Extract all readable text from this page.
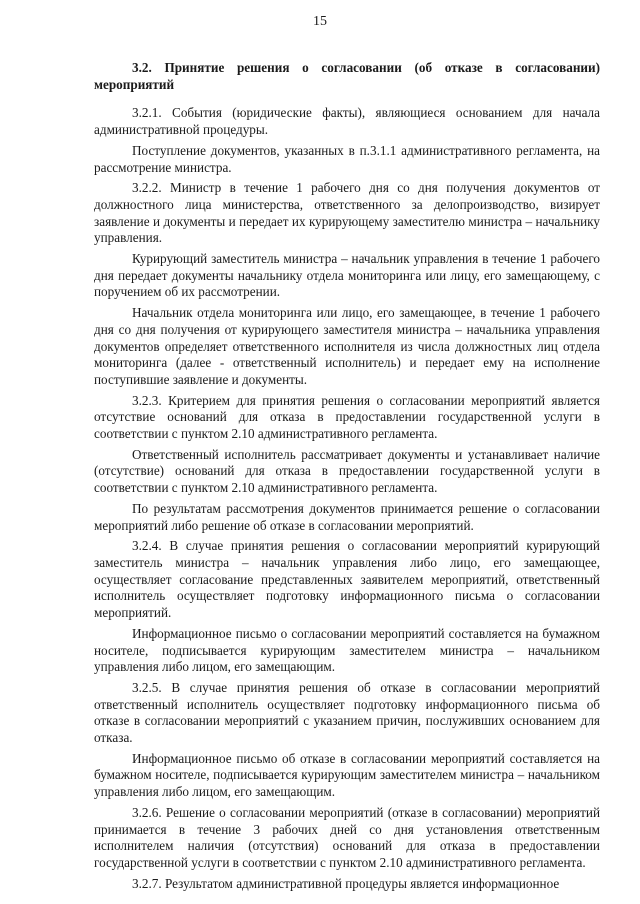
15

3.2. Принятие решения о согласовании (об отказе в согласовании) мероприятий

3.2.1. События (юридические факты), являющиеся основанием для начала административной процедуры.

Поступление документов, указанных в п.3.1.1 административного регламента, на рассмотрение министра.

3.2.2. Министр в течение 1 рабочего дня со дня получения документов от должностного лица министерства, ответственного за делопроизводство, визирует заявление и документы и передает их курирующему заместителю министра – начальнику управления.

Курирующий заместитель министра – начальник управления в течение 1 рабочего дня передает документы начальнику отдела мониторинга или лицу, его замещающему, с поручением об их рассмотрении.

Начальник отдела мониторинга или лицо, его замещающее, в течение 1 рабочего дня со дня получения от курирующего заместителя министра – начальника управления документов определяет ответственного исполнителя из числа должностных лиц отдела мониторинга (далее - ответственный исполнитель) и передает ему на исполнение поступившие заявление и документы.

3.2.3. Критерием для принятия решения о согласовании мероприятий является отсутствие оснований для отказа в предоставлении государственной услуги в соответствии с пунктом 2.10 административного регламента.

Ответственный исполнитель рассматривает документы и устанавливает наличие (отсутствие) оснований для отказа в предоставлении государственной услуги в соответствии с пунктом 2.10 административного регламента.

По результатам рассмотрения документов принимается решение о согласовании мероприятий либо решение об отказе в согласовании мероприятий.

3.2.4. В случае принятия решения о согласовании мероприятий курирующий заместитель министра – начальник управления либо лицо, его замещающее, осуществляет согласование представленных заявителем мероприятий, ответственный исполнитель осуществляет подготовку информационного письма о согласовании мероприятий.

Информационное письмо о согласовании мероприятий составляется на бумажном носителе, подписывается курирующим заместителем министра – начальником управления либо лицом, его замещающим.

3.2.5. В случае принятия решения об отказе в согласовании мероприятий ответственный исполнитель осуществляет подготовку информационного письма об отказе в согласовании мероприятий с указанием причин, послуживших основанием для отказа.

Информационное письмо об отказе в согласовании мероприятий составляется на бумажном носителе, подписывается курирующим заместителем министра – начальником управления либо лицом, его замещающим.

3.2.6. Решение о согласовании мероприятий (отказе в согласовании) мероприятий принимается в течение 3 рабочих дней со дня установления ответственным исполнителем наличия (отсутствия) оснований для отказа в предоставлении государственной услуги в соответствии с пунктом 2.10 административного регламента.

3.2.7. Результатом административной процедуры является информационное
